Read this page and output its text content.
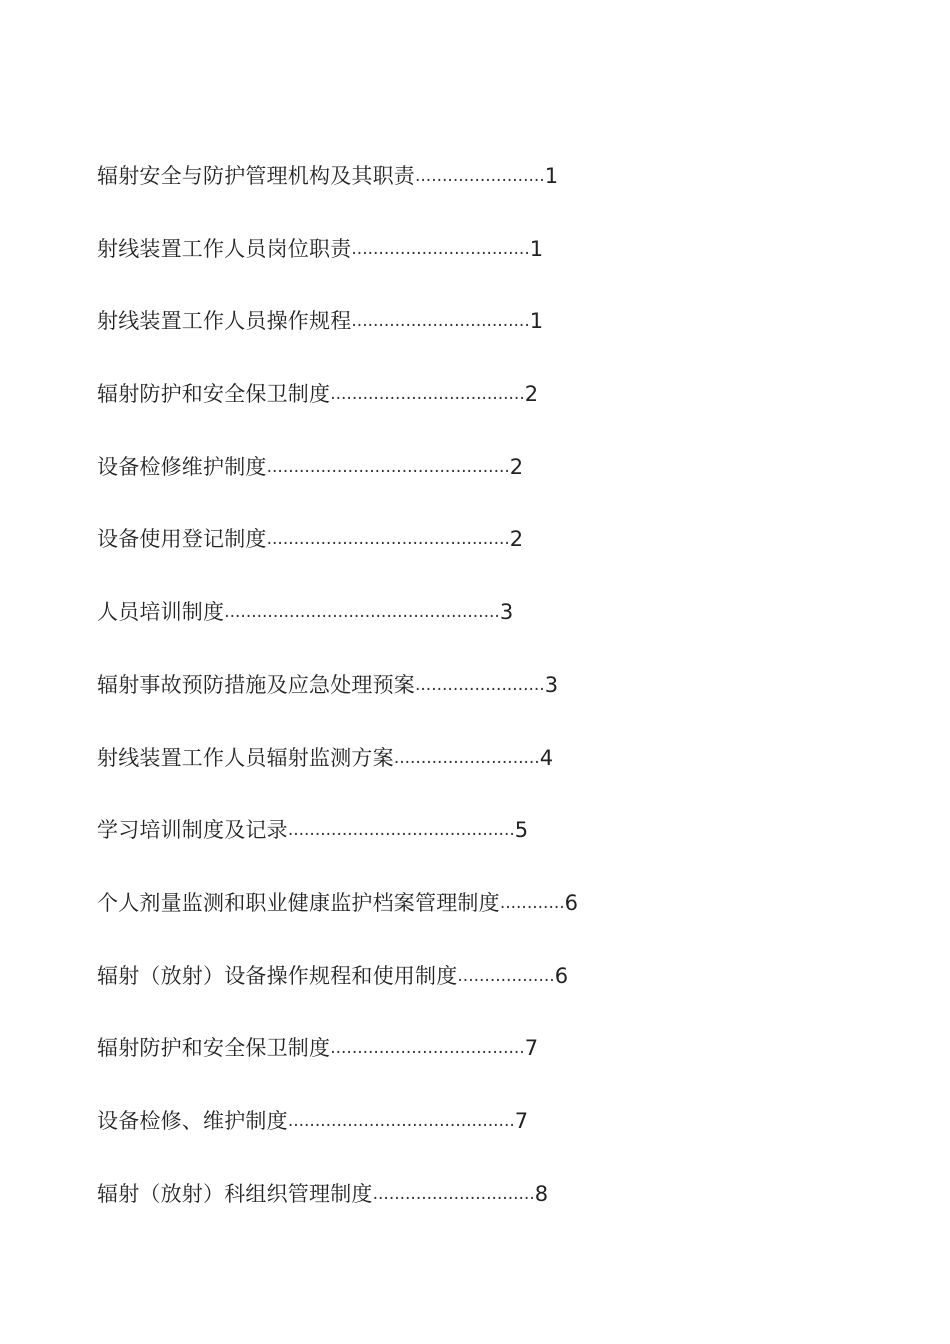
辐射安全与防护管理机构及其职责 ........................ 1
射线装置工作人员岗位职责 ................................. 1
射线装置工作人员操作规程 ................................. 1
辐射防护和安全保卫制度 .................................... 2
设备检修维护制度 ............................................. 2
设备使用登记制度 ............................................. 2
人员培训制度 ................................................... 3
辐射事故预防措施及应急处理预案 ........................ 3
射线装置工作人员辐射监测方案 ........................... 4
学习培训制度及记录 .......................................... 5
个人剂量监测和职业健康监护档案管理制度 ............ 6
辐射（放射）设备操作规程和使用制度 .................. 6
辐射防护和安全保卫制度 .................................... 7
设备检修、维护制度 .......................................... 7
辐射（放射）科组织管理制度 .............................. 8
